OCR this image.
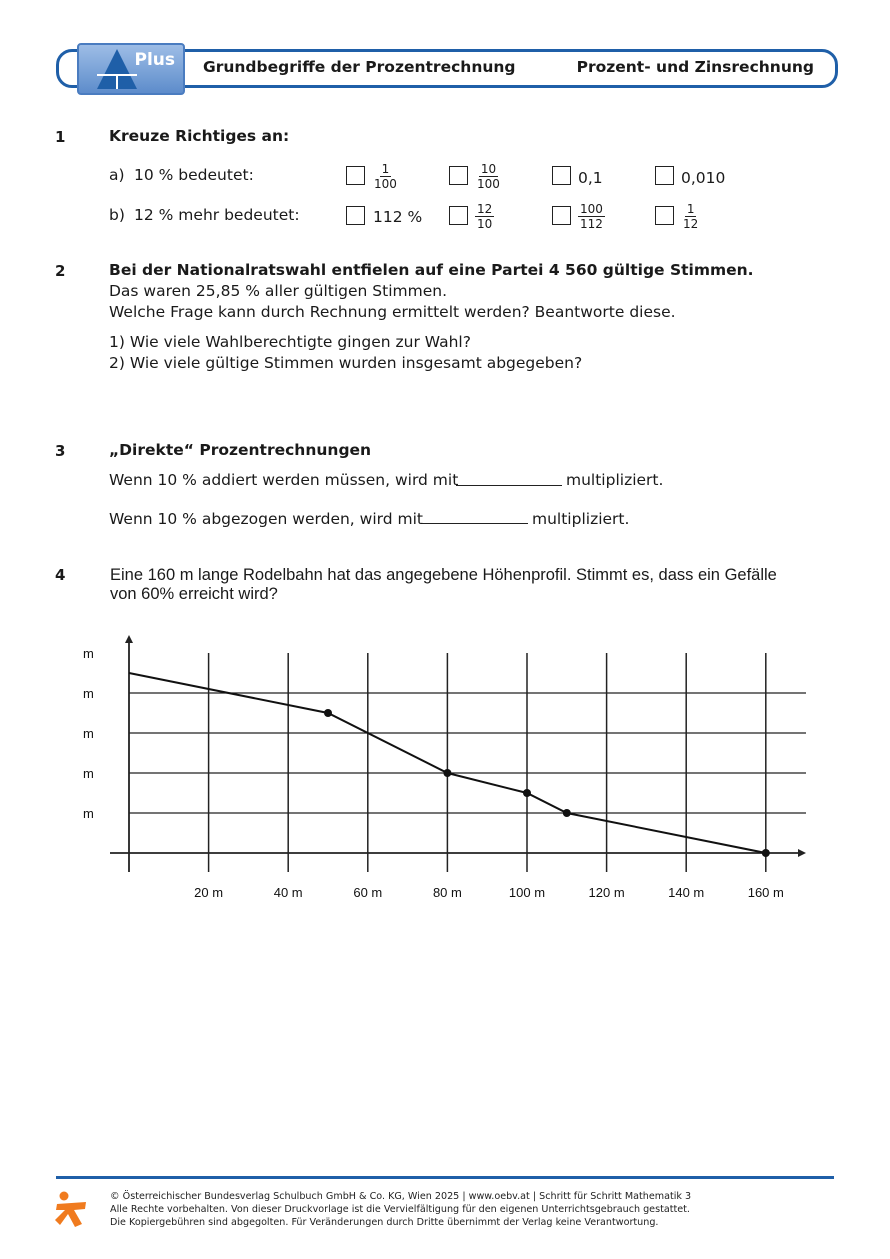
Plus Grundbegriffe der Prozentrechnung	Prozent- und Zinsrechnung
1	Kreuze Richtiges an:
a) 10 % bedeutet:	$\frac{1}{100}$	$\frac{10}{100}$	0,1	0,010
b) 12 % mehr bedeutet:	112 %	$\frac{12}{10}$	$\frac{100}{112}$	$\frac{1}{12}$
2	Bei der Nationalratswahl entfielen auf eine Partei 4 560 gültige Stimmen.
Das waren 25,85 % aller gültigen Stimmen.
Welche Frage kann durch Rechnung ermittelt werden? Beantworte diese.
1) Wie viele Wahlberechtigte gingen zur Wahl?
2) Wie viele gültige Stimmen wurden insgesamt abgegeben?
3	„Direkte“ Prozentrechnungen
Wenn 10 % addiert werden müssen, wird mit	multipliziert.
Wenn 10 % abgezogen werden, wird mit	multipliziert.
4	Eine 160 m lange Rodelbahn hat das angegebene Höhenprofil. Stimmt es, dass ein Gefälle
von 60% erreicht wird?
20 m	40 m	60 m	80 m	100 m	120 m	140 m	160 m
m
m
m
m
m
© Österreichischer Bundesverlag Schulbuch GmbH & Co. KG, Wien 2025 | www.oebv.at | Schritt für Schritt Mathematik 3
Alle Rechte vorbehalten. Von dieser Druckvorlage ist die Vervielfältigung für den eigenen Unterrichtsgebrauch gestattet.
Die Kopiergebühren sind abgegolten. Für Veränderungen durch Dritte übernimmt der Verlag keine Verantwortung.
